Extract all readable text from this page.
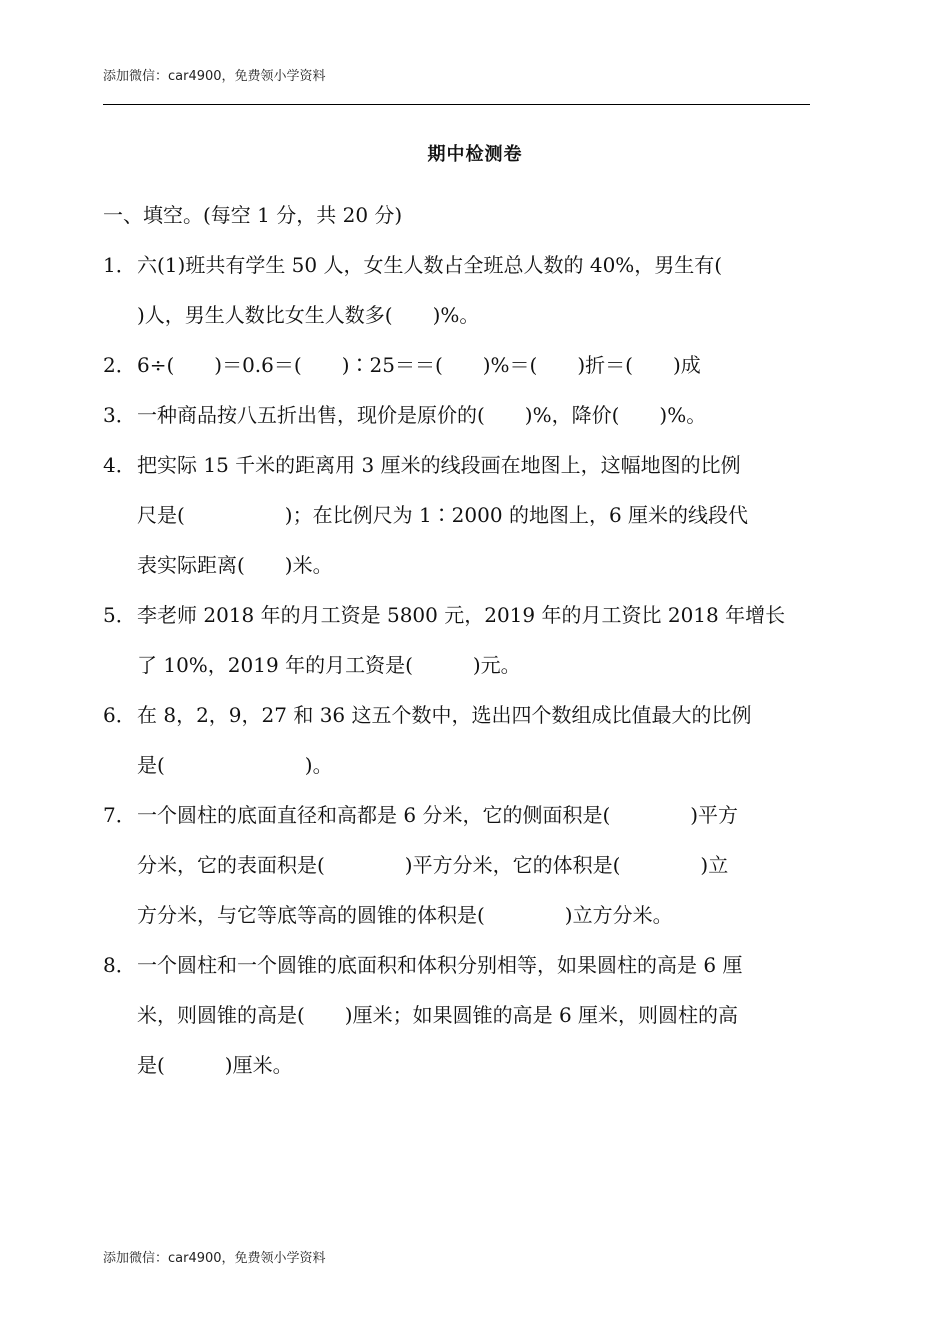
添加微信：car4900，免费领小学资料
期中检测卷
一、填空。(每空 1 分，共 20 分)
1．六(1)班共有学生 50 人，女生人数占全班总人数的 40%，男生有(
)人，男生人数比女生人数多(　　)%。
2．6÷(　　)＝0.6＝(　　)∶25＝＝(　　)%＝(　　)折＝(　　)成
3．一种商品按八五折出售，现价是原价的(　　)%，降价(　　)%。
4．把实际 15 千米的距离用 3 厘米的线段画在地图上，这幅地图的比例
尺是(　　　　　)；在比例尺为 1∶2000 的地图上，6 厘米的线段代
表实际距离(　　)米。
5．李老师 2018 年的月工资是 5800 元，2019 年的月工资比 2018 年增长
了 10%，2019 年的月工资是(　　　)元。
6．在 8，2，9，27 和 36 这五个数中，选出四个数组成比值最大的比例
是(　　　　　　　)。
7．一个圆柱的底面直径和高都是 6 分米，它的侧面积是(　　　　)平方
分米，它的表面积是(　　　　)平方分米，它的体积是(　　　　)立
方分米，与它等底等高的圆锥的体积是(　　　　)立方分米。
8．一个圆柱和一个圆锥的底面积和体积分别相等，如果圆柱的高是 6 厘
米，则圆锥的高是(　　)厘米；如果圆锥的高是 6 厘米，则圆柱的高
是(　　　)厘米。
添加微信：car4900，免费领小学资料
